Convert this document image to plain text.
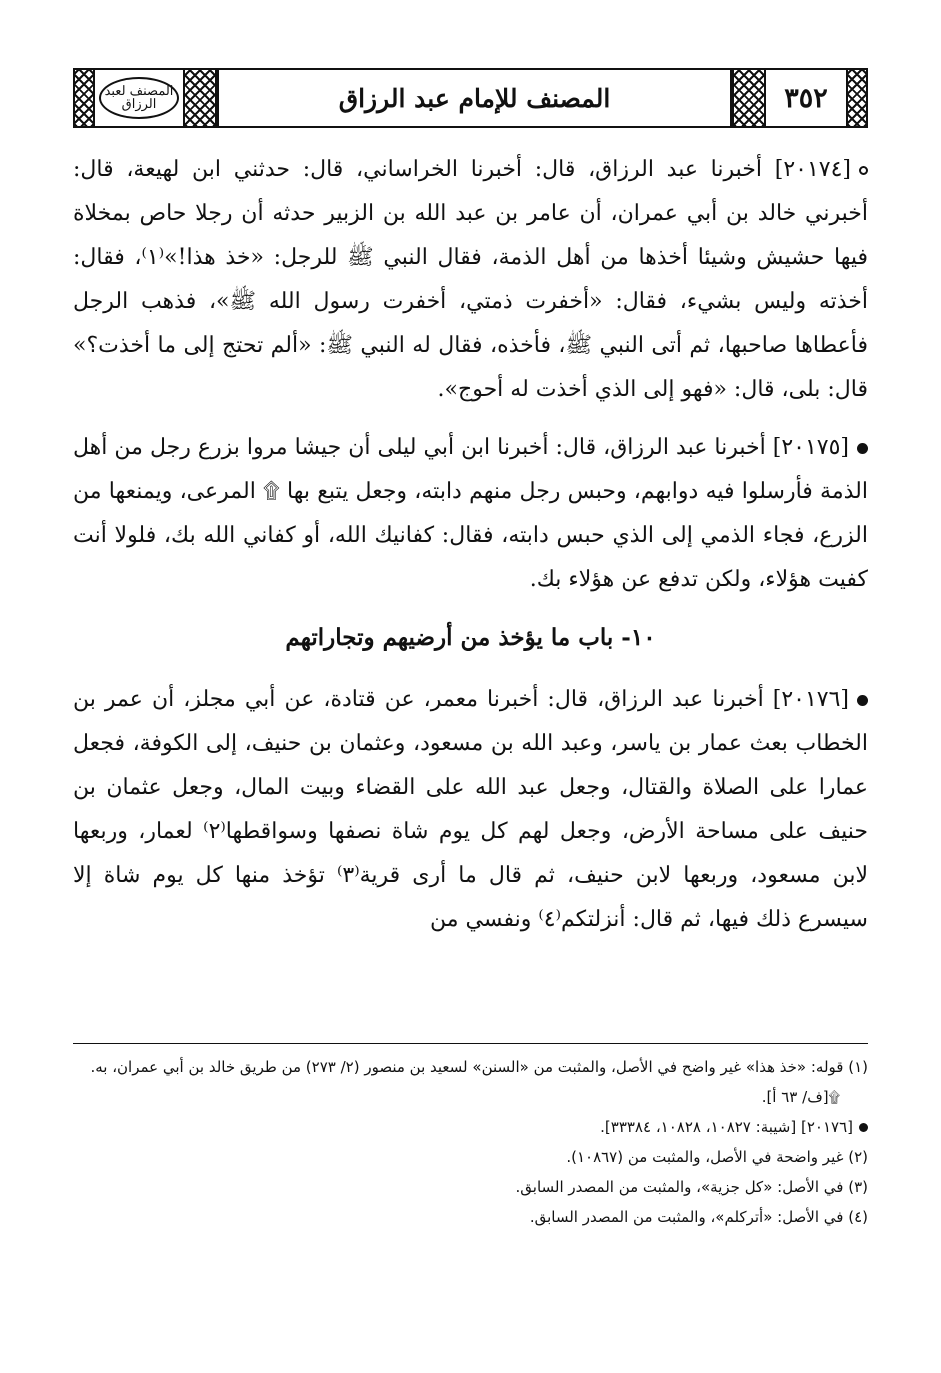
المصنف لعبد الرزاق	المصنف للإمام عبد الرزاق	٣٥٢

[٢٠١٧٤] أخبرنا عبد الرزاق، قال: أخبرنا الخراساني، قال: حدثني ابن لهيعة، قال: أخبرني خالد بن أبي عمران، أن عامر بن عبد الله بن الزبير حدثه أن رجلا حاص بمخلاة فيها حشيش وشيئا أخذها من أهل الذمة، فقال النبي ﷺ للرجل: «خذ هذا!»⁽١⁾، فقال: أخذته وليس بشيء، فقال: «أخفرت ذمتي، أخفرت رسول الله ﷺ»، فذهب الرجل فأعطاها صاحبها، ثم أتى النبي ﷺ، فأخذه، فقال له النبي ﷺ: «ألم تحتج إلى ما أخذت؟» قال: بلى، قال: «فهو إلى الذي أخذت له أحوج».

[٢٠١٧٥] أخبرنا عبد الرزاق، قال: أخبرنا ابن أبي ليلى أن جيشا مروا بزرع رجل من أهل الذمة فأرسلوا فيه دوابهم، وحبس رجل منهم دابته، وجعل يتبع بها ۩ المرعى، ويمنعها من الزرع، فجاء الذمي إلى الذي حبس دابته، فقال: كفانيك الله، أو كفاني الله بك، فلولا أنت كفيت هؤلاء، ولكن تدفع عن هؤلاء بك.

١٠- باب ما يؤخذ من أرضيهم وتجاراتهم

[٢٠١٧٦] أخبرنا عبد الرزاق، قال: أخبرنا معمر، عن قتادة، عن أبي مجلز، أن عمر بن الخطاب بعث عمار بن ياسر، وعبد الله بن مسعود، وعثمان بن حنيف، إلى الكوفة، فجعل عمارا على الصلاة والقتال، وجعل عبد الله على القضاء وبيت المال، وجعل عثمان بن حنيف على مساحة الأرض، وجعل لهم كل يوم شاة نصفها وسواقطها⁽٢⁾ لعمار، وربعها لابن مسعود، وربعها لابن حنيف، ثم قال ما أرى قرية⁽٣⁾ تؤخذ منها كل يوم شاة إلا سيسرع ذلك فيها، ثم قال: أنزلتكم⁽٤⁾ ونفسي من

(١) قوله: «خذ هذا» غير واضح في الأصل، والمثبت من «السنن» لسعيد بن منصور (٢/ ٢٧٣) من طريق خالد بن أبي عمران، به.

۩[ف/ ٦٣ أ].

[٢٠١٧٦] [شيبة: ١٠٨٢٧، ١٠٨٢٨، ٣٣٣٨٤].

(٢) غير واضحة في الأصل، والمثبت من (١٠٨٦٧).

(٣) في الأصل: «كل جزية»، والمثبت من المصدر السابق.

(٤) في الأصل: «أتركلم»، والمثبت من المصدر السابق.
